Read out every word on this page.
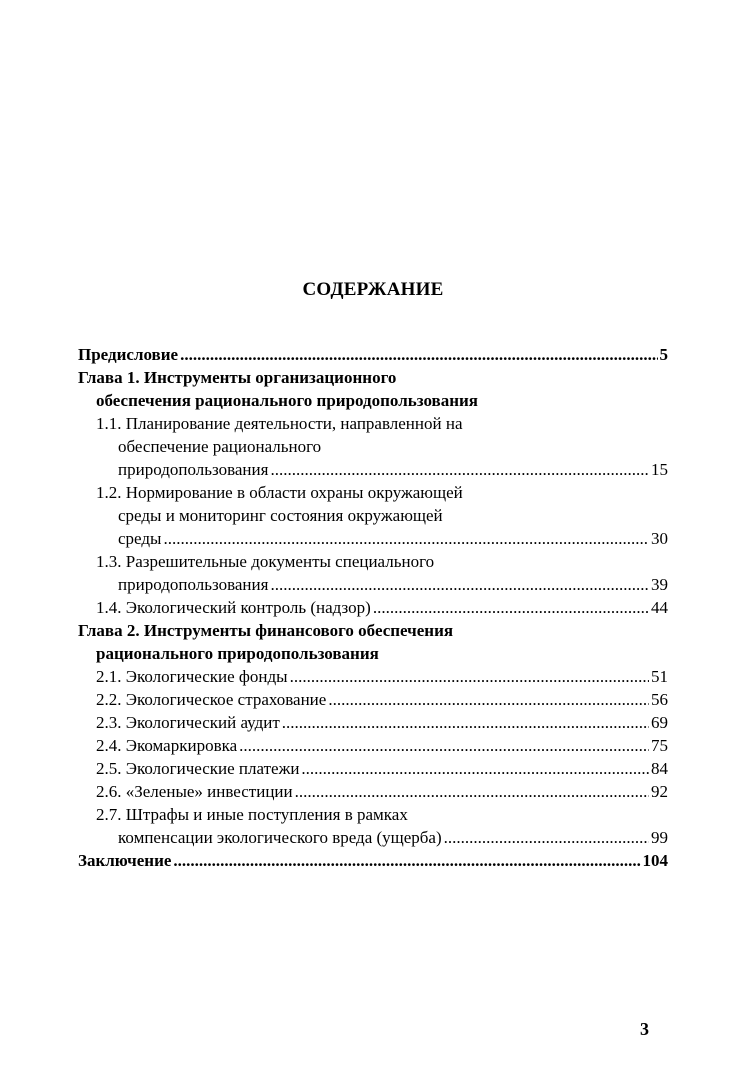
СОДЕРЖАНИЕ
Предисловие .....	5
Глава 1. Инструменты организационного
обеспечения рационального природопользования
1.1. Планирование деятельности, направленной на
обеспечение рационального
природопользования .....	15
1.2. Нормирование в области охраны окружающей
среды и мониторинг состояния окружающей
среды .....	30
1.3. Разрешительные документы специального
природопользования .....	39
1.4. Экологический контроль (надзор) .....	44
Глава 2. Инструменты финансового обеспечения
рационального природопользования
2.1. Экологические фонды .....	51
2.2. Экологическое страхование .....	56
2.3. Экологический аудит .....	69
2.4. Экомаркировка .....	75
2.5. Экологические платежи .....	84
2.6. «Зеленые» инвестиции .....	92
2.7. Штрафы и иные поступления в рамках
компенсации экологического вреда (ущерба) .....	99
Заключение .....	104
3
